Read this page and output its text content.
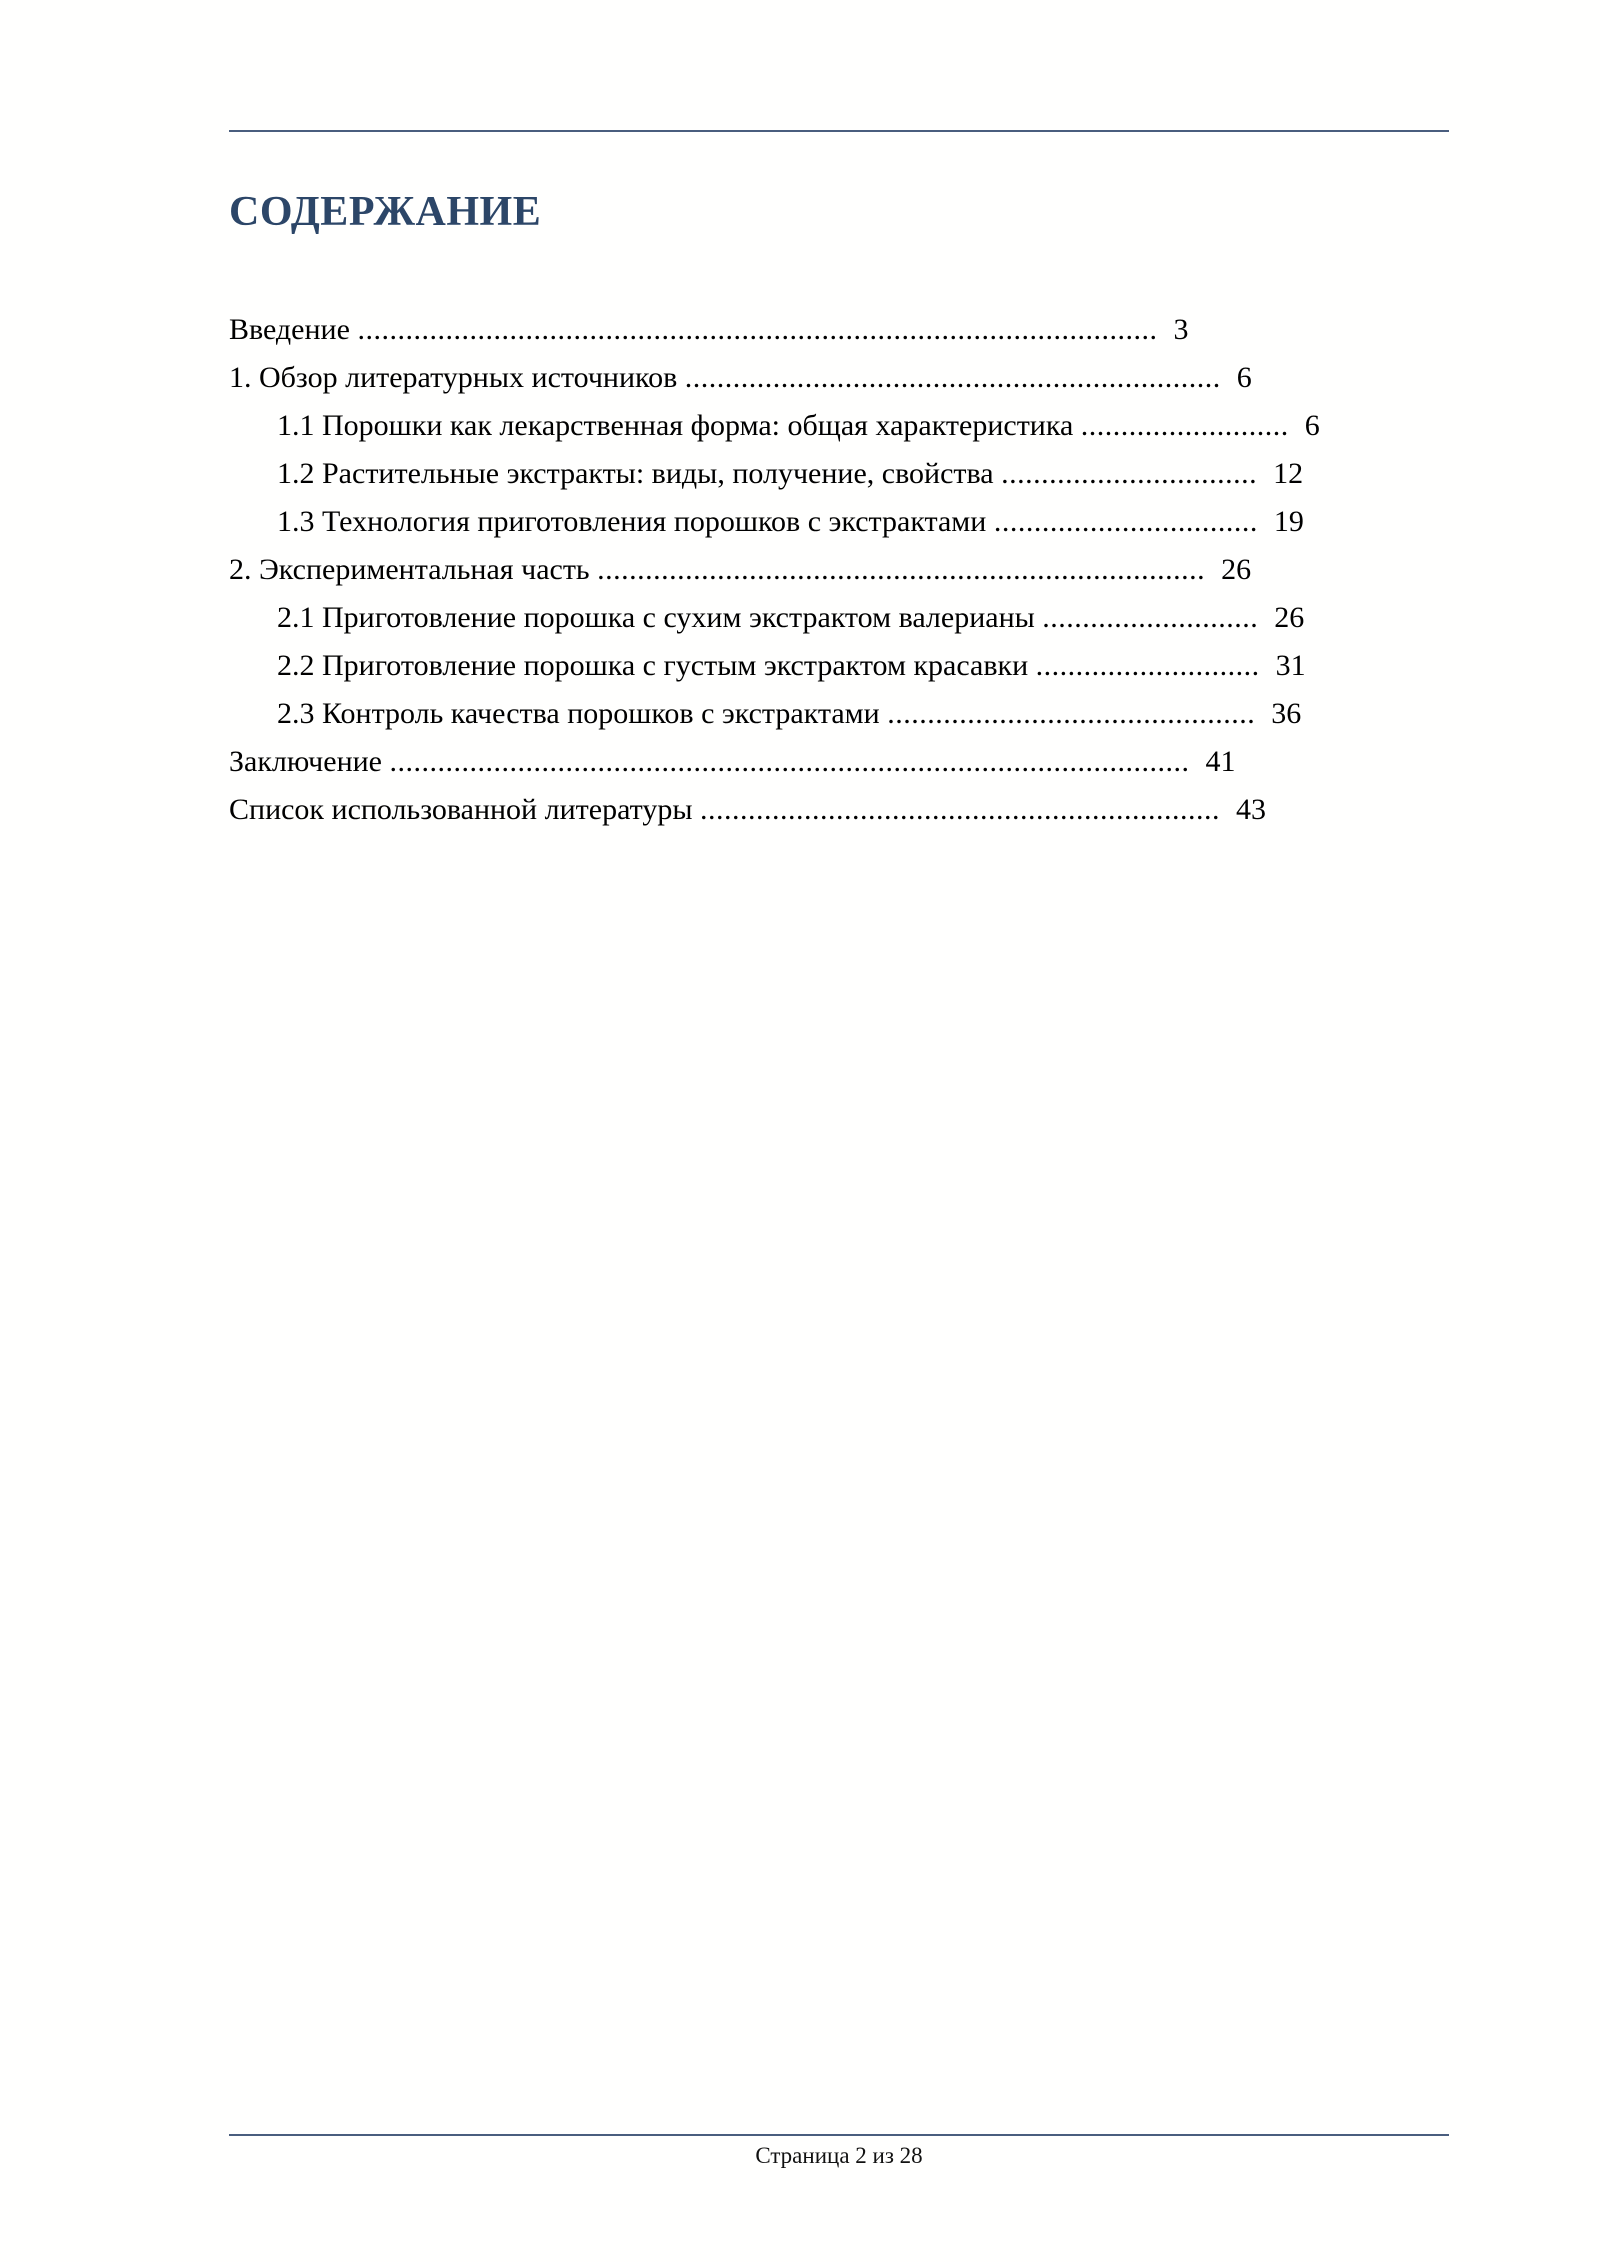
СОДЕРЖАНИЕ
Введение .................................................................................................... 3
1. Обзор литературных источников ................................................................... 6
1.1 Порошки как лекарственная форма: общая характеристика .......................... 6
1.2 Растительные экстракты: виды, получение, свойства ................................ 12
1.3 Технология приготовления порошков с экстрактами ................................. 19
2. Экспериментальная часть ............................................................................ 26
2.1 Приготовление порошка с сухим экстрактом валерианы ........................... 26
2.2 Приготовление порошка с густым экстрактом красавки ............................ 31
2.3 Контроль качества порошков с экстрактами .............................................. 36
Заключение .................................................................................................... 41
Список использованной литературы ................................................................. 43
Страница 2 из 28
